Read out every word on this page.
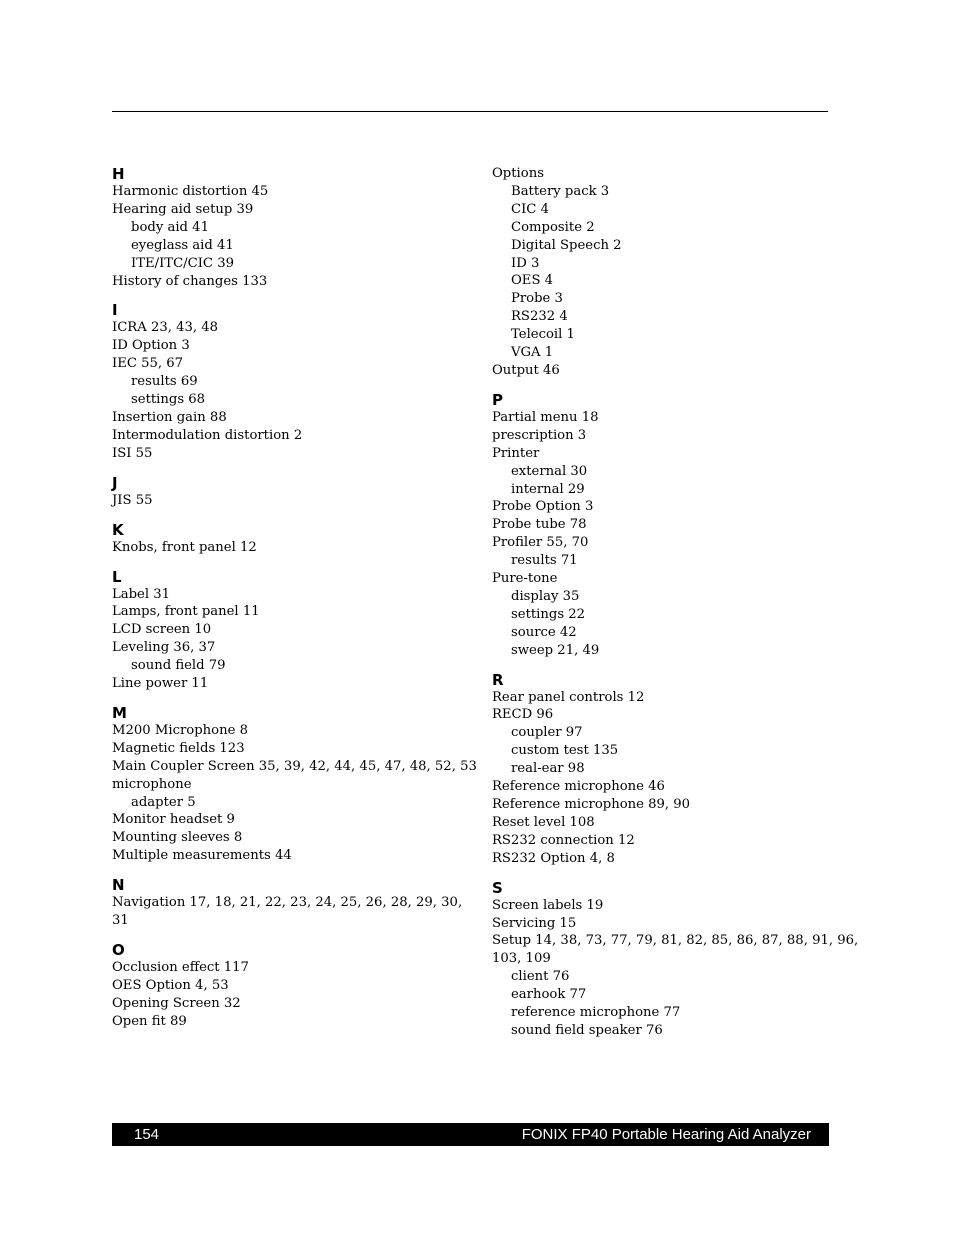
H
Harmonic distortion 45
Hearing aid setup 39
body aid 41
eyeglass aid 41
ITE/ITC/CIC 39
History of changes 133
I
ICRA 23, 43, 48
ID Option 3
IEC 55, 67
results 69
settings 68
Insertion gain 88
Intermodulation distortion 2
ISI 55
J
JIS 55
K
Knobs, front panel 12
L
Label 31
Lamps, front panel 11
LCD screen 10
Leveling 36, 37
sound field 79
Line power 11
M
M200 Microphone 8
Magnetic fields 123
Main Coupler Screen 35, 39, 42, 44, 45, 47, 48, 52, 53
microphone
adapter 5
Monitor headset 9
Mounting sleeves 8
Multiple measurements 44
N
Navigation 17, 18, 21, 22, 23, 24, 25, 26, 28, 29, 30, 31
O
Occlusion effect 117
OES Option 4, 53
Opening Screen 32
Open fit 89
Options
Battery pack 3
CIC 4
Composite 2
Digital Speech 2
ID 3
OES 4
Probe 3
RS232 4
Telecoil 1
VGA 1
Output 46
P
Partial menu 18
prescription 3
Printer
external 30
internal 29
Probe Option 3
Probe tube 78
Profiler 55, 70
results 71
Pure-tone
display 35
settings 22
source 42
sweep 21, 49
R
Rear panel controls 12
RECD 96
coupler 97
custom test 135
real-ear 98
Reference microphone 46
Reference microphone 89, 90
Reset level 108
RS232 connection 12
RS232 Option 4, 8
S
Screen labels 19
Servicing 15
Setup 14, 38, 73, 77, 79, 81, 82, 85, 86, 87, 88, 91, 96, 103, 109
client 76
earhook 77
reference microphone 77
sound field speaker 76
154	FONIX FP40 Portable Hearing Aid Analyzer
